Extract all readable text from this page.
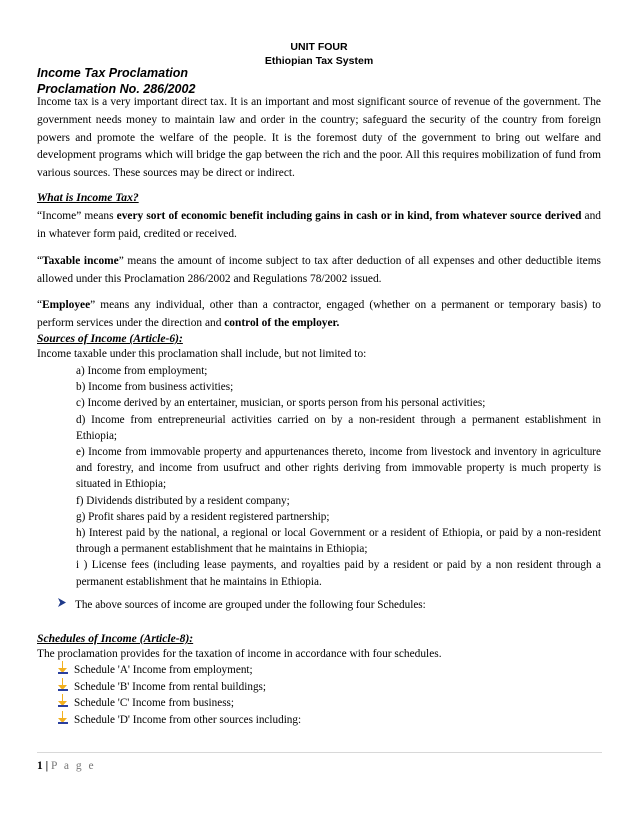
UNIT FOUR
Ethiopian Tax System
Income Tax Proclamation
Proclamation No. 286/2002
Income tax is a very important direct tax. It is an important and most significant source of revenue of the government. The government needs money to maintain law and order in the country; safeguard the security of the country from foreign powers and promote the welfare of the people. It is the foremost duty of the government to bring out welfare and development programs which will bridge the gap between the rich and the poor. All this requires mobilization of fund from various sources. These sources may be direct or indirect.
What is Income Tax?
“Income” means every sort of economic benefit including gains in cash or in kind, from whatever source derived and in whatever form paid, credited or received.
“Taxable income” means the amount of income subject to tax after deduction of all expenses and other deductible items allowed under this Proclamation 286/2002 and Regulations 78/2002 issued.
“Employee” means any individual, other than a contractor, engaged (whether on a permanent or temporary basis) to perform services under the direction and control of the employer.
Sources of Income (Article-6):
Income taxable under this proclamation shall include, but not limited to:

a) Income from employment;

b) Income from business activities;

c) Income derived by an entertainer, musician, or sports person from his personal activities;

d) Income from entrepreneurial activities carried on by a non-resident through a permanent establishment in Ethiopia;

e) Income from immovable property and appurtenances thereto, income from livestock and inventory in agriculture and forestry, and income from usufruct and other rights deriving from immovable property is much property is situated in Ethiopia;

f) Dividends distributed by a resident company;

g) Profit shares paid by a resident registered partnership;

h) Interest paid by the national, a regional or local Government or a resident of Ethiopia, or paid by a non-resident through a permanent establishment that he maintains in Ethiopia;

i ) License fees (including lease payments, and royalties paid by a resident or paid by a non resident through a permanent establishment that he maintains in Ethiopia.

The above sources of income are grouped under the following four Schedules:
Schedules of Income (Article-8):
The proclamation provides for the taxation of income in accordance with four schedules.
Schedule 'A' Income from employment;
Schedule 'B' Income from rental buildings;
Schedule 'C' Income from business;
Schedule 'D' Income from other sources including:
1 | P a g e
